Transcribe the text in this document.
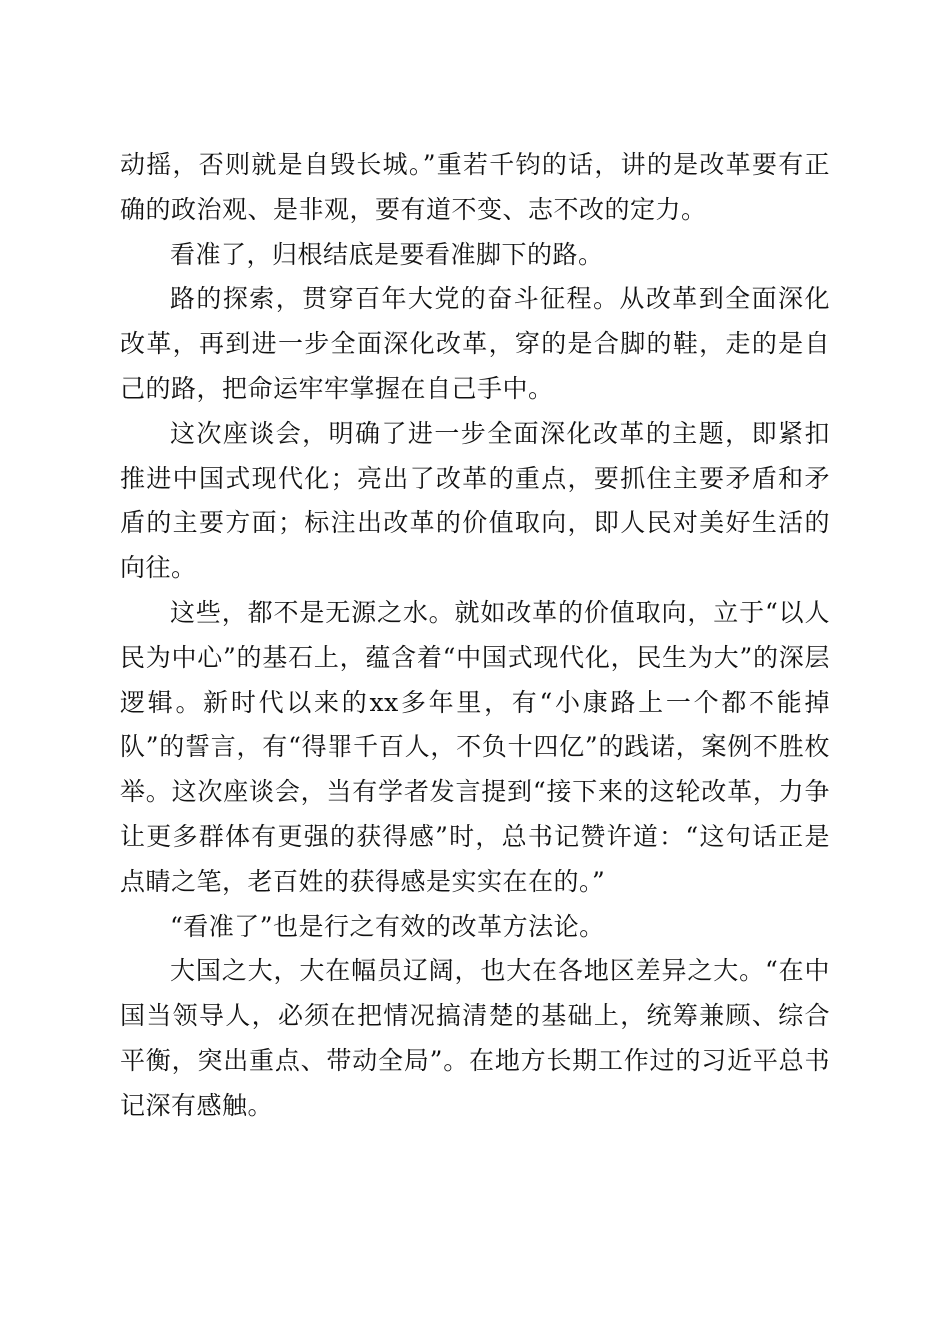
动摇，否则就是自毁长城。”重若千钧的话，讲的是改革要有正确的政治观、是非观，要有道不变、志不改的定力。

看准了，归根结底是要看准脚下的路。

路的探索，贯穿百年大党的奋斗征程。从改革到全面深化改革，再到进一步全面深化改革，穿的是合脚的鞋，走的是自己的路，把命运牢牢掌握在自己手中。

这次座谈会，明确了进一步全面深化改革的主题，即紧扣推进中国式现代化；亮出了改革的重点，要抓住主要矛盾和矛盾的主要方面；标注出改革的价值取向，即人民对美好生活的向往。

这些，都不是无源之水。就如改革的价值取向，立于“以人民为中心”的基石上，蕴含着“中国式现代化，民生为大”的深层逻辑。新时代以来的xx多年里，有“小康路上一个都不能掉队”的誓言，有“得罪千百人，不负十四亿”的践诺，案例不胜枚举。这次座谈会，当有学者发言提到“接下来的这轮改革，力争让更多群体有更强的获得感”时，总书记赞许道：“这句话正是点睛之笔，老百姓的获得感是实实在在的。”

“看准了”也是行之有效的改革方法论。

大国之大，大在幅员辽阔，也大在各地区差异之大。“在中国当领导人，必须在把情况搞清楚的基础上，统筹兼顾、综合平衡，突出重点、带动全局”。在地方长期工作过的习近平总书记深有感触。
